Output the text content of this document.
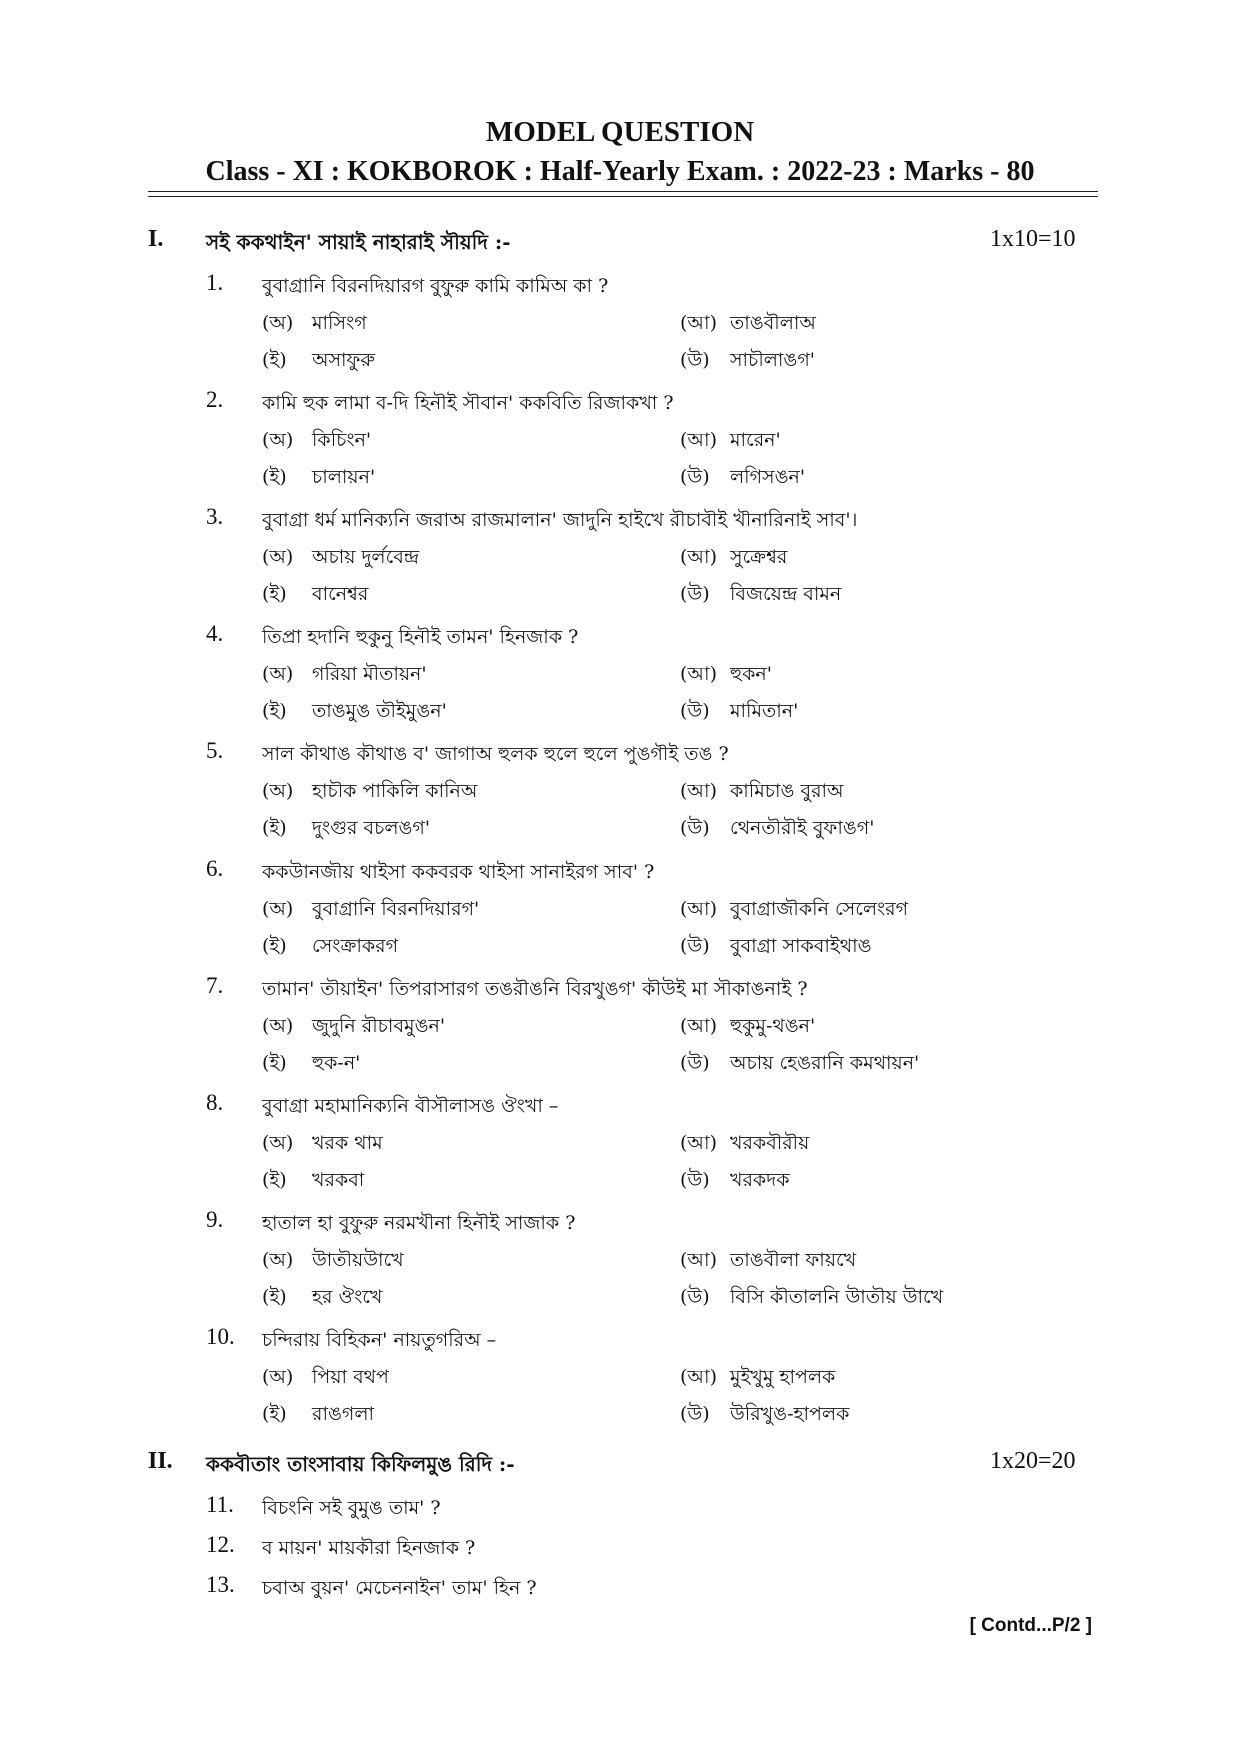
MODEL QUESTION
Class - XI : KOKBOROK : Half-Yearly Exam. : 2022-23 : Marks - 80
I. সই ককথাইন' সায়াই নাহারাই সৗয়দি :-	1x10=10
1.	বুবাগ্রানি বিরনদিয়ারগ বুফুরু কামি কামিঅ কা ?
(অ) মাসিংগ	(আ) তাঙবৗলাঅ
(ই) অসাফুরু	(উ) সাচৗলাঙগ'
2.	কামি হুক লামা ব-দি হিনৗই সৗবান' ককবিতি রিজাকখা ?
(অ) কিচিংন'	(আ) মারেন'
(ই) চালায়ন'	(উ) লগিসঙন'
3.	বুবাগ্রা ধর্ম মানিক্যনি জরাঅ রাজমালান' জাদুনি হাইখে রৗচাবৗই খৗনারিনাই সাব'।
(অ) অচায় দুর্লবেন্দ্র	(আ) সুক্রেশ্বর
(ই) বানেশ্বর	(উ) বিজয়েন্দ্র বামন
4.	তিপ্রা হদানি হুকুনু হিনৗই তামন' হিনজাক ?
(অ) গরিয়া মৗতায়ন'	(আ) হুকন'
(ই) তাঙমুঙ তৗইমুঙন'	(উ) মামিতান'
5.	সাল কৗথাঙ কৗথাঙ ব' জাগাঅ হুলক হুলে হুলে পুঙগৗই তঙ ?
(অ) হাচৗক পাকিলি কানিঅ	(আ) কামিচাঙ বুরাঅ
(ই) দুংগুর বচলঙগ'	(উ) থেনতৗরৗই বুফাঙগ'
6.	ককউানজৗয় থাইসা ককবরক থাইসা সানাইরগ সাব' ?
(অ) বুবাগ্রানি বিরনদিয়ারগ'	(আ) বুবাগ্রাজৗকনি সেলেংরগ
(ই) সেংক্রাকরগ	(উ) বুবাগ্রা সাকবাইথাঙ
7.	তামান' তৗয়াইন' তিপরাসারগ তঙরৗঙনি বিরখুঙগ' কৗউই মা সৗকাঙনাই ?
(অ) জুদুনি রৗচাবমুঙন'	(আ) হুকুমু-থঙন'
(ই) হুক-ন'	(উ) অচায় হেঙরানি কমথায়ন'
8.	বুবাগ্রা মহামানিক্যনি বৗসৗলাসঙ ঔংখা –
(অ) খরক থাম	(আ) খরকবৗরৗয়
(ই) খরকবা	(উ) খরকদক
9.	হাতাল হা বুফুরু নরমখৗনা হিনৗই সাজাক ?
(অ) উাতৗয়উাখে	(আ) তাঙবৗলা ফায়খে
(ই) হর ঔংখে	(উ) বিসি কৗতালনি উাতৗয় উাখে
10.	চন্দিরায় বিহিকন' নায়তুগরিঅ –
(অ) পিয়া বথপ	(আ) মুইখুমু হাপলক
(ই) রাঙগলা	(উ) উরিখুঙ-হাপলক
II. ককবৗতাং তাংসাবায় কিফিলমুঙ রিদি :-	1x20=20
11.	বিচংনি সই বুমুঙ তাম' ?
12.	ব মায়ন' মায়কৗরা হিনজাক ?
13.	চবাঅ বুয়ন' মেচেননাইন' তাম' হিন ?
[ Contd...P/2 ]
